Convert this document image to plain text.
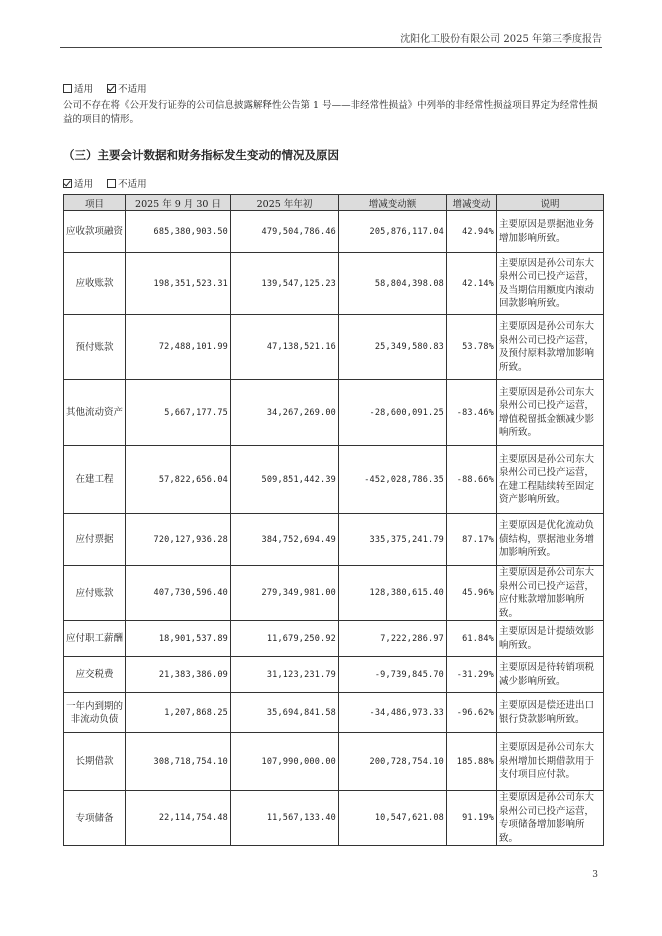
沈阳化工股份有限公司 2025 年第三季度报告
适用	不适用
公司不存在将《公开发行证券的公司信息披露解释性公告第 1 号——非经常性损益》中列举的非经常性损益项目界定为经常性损益的项目的情形。
（三）主要会计数据和财务指标发生变动的情况及原因
适用	不适用
项目	2025 年 9 月 30 日	2025 年年初	增减变动额	增减变动	说明
应收款项融资	685,380,903.50	479,504,786.46	205,876,117.04	42.94%	主要原因是票据池业务增加影响所致。
应收账款	198,351,523.31	139,547,125.23	58,804,398.08	42.14%	主要原因是孙公司东大泉州公司已投产运营，及当期信用额度内滚动回款影响所致。
预付账款	72,488,101.99	47,138,521.16	25,349,580.83	53.78%	主要原因是孙公司东大泉州公司已投产运营，及预付原料款增加影响所致。
其他流动资产	5,667,177.75	34,267,269.00	-28,600,091.25	-83.46%	主要原因是孙公司东大泉州公司已投产运营，增值税留抵金额减少影响所致。
在建工程	57,822,656.04	509,851,442.39	-452,028,786.35	-88.66%	主要原因是孙公司东大泉州公司已投产运营，在建工程陆续转至固定资产影响所致。
应付票据	720,127,936.28	384,752,694.49	335,375,241.79	87.17%	主要原因是优化流动负债结构，票据池业务增加影响所致。
应付账款	407,730,596.40	279,349,981.00	128,380,615.40	45.96%	主要原因是孙公司东大泉州公司已投产运营，应付账款增加影响所致。
应付职工薪酬	18,901,537.89	11,679,250.92	7,222,286.97	61.84%	主要原因是计提绩效影响所致。
应交税费	21,383,386.09	31,123,231.79	-9,739,845.70	-31.29%	主要原因是待转销项税减少影响所致。
一年内到期的非流动负债	1,207,868.25	35,694,841.58	-34,486,973.33	-96.62%	主要原因是偿还进出口银行贷款影响所致。
长期借款	308,718,754.10	107,990,000.00	200,728,754.10	185.88%	主要原因是孙公司东大泉州增加长期借款用于支付项目应付款。
专项储备	22,114,754.48	11,567,133.40	10,547,621.08	91.19%	主要原因是孙公司东大泉州公司已投产运营，专项储备增加影响所致。
3
